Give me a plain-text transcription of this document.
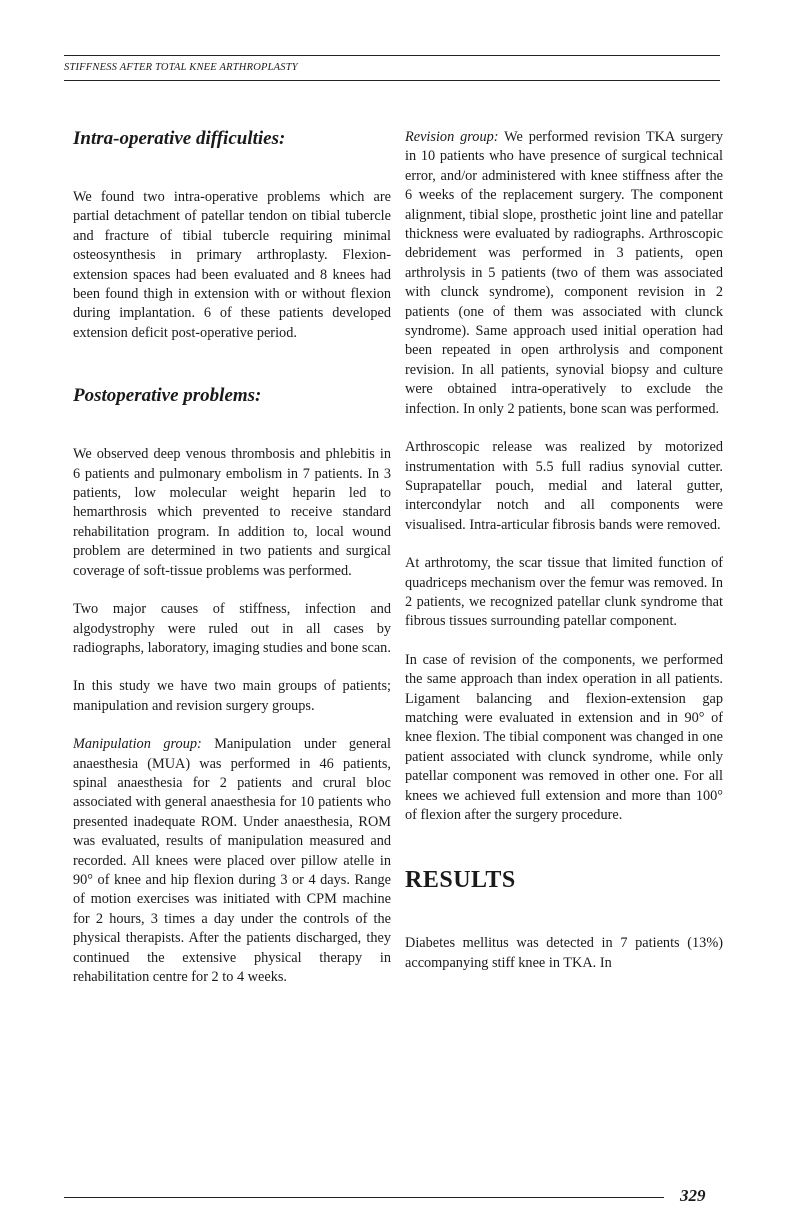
STIFFNESS AFTER TOTAL KNEE ARTHROPLASTY
Intra-operative difficulties:

We found two intra-operative problems which are partial detachment of patellar tendon on tibial tubercle and fracture of tibial tubercle requiring minimal osteosynthesis in primary arthroplasty. Flexion-extension spaces had been evaluated and 8 knees had been found thigh in extension with or without flexion during implantation. 6 of these patients developed extension deficit post-operative period.

Postoperative problems:

We observed deep venous thrombosis and phlebitis in 6 patients and pulmonary embolism in 7 patients. In 3 patients, low molecular weight heparin led to hemarthrosis which prevented to receive standard rehabilitation program. In addition to, local wound problem are determined in two patients and surgical coverage of soft-tissue problems was performed.

Two major causes of stiffness, infection and algodystrophy were ruled out in all cases by radiographs, laboratory, imaging studies and bone scan.

In this study we have two main groups of patients; manipulation and revision surgery groups.

Manipulation group: Manipulation under general anaesthesia (MUA) was performed in 46 patients, spinal anaesthesia for 2 patients and crural bloc associated with general anaesthesia for 10 patients who presented inadequate ROM. Under anaesthesia, ROM was evaluated, results of manipulation measured and recorded. All knees were placed over pillow atelle in 90° of knee and hip flexion during 3 or 4 days. Range of motion exercises was initiated with CPM machine for 2 hours, 3 times a day under the controls of the physical therapists. After the patients discharged, they continued the extensive physical therapy in rehabilitation centre for 2 to 4 weeks.

Revision group: We performed revision TKA surgery in 10 patients who have presence of surgical technical error, and/or administered with knee stiffness after the 6 weeks of the replacement surgery. The component alignment, tibial slope, prosthetic joint line and patellar thickness were evaluated by radiographs. Arthroscopic debridement was performed in 3 patients, open arthrolysis in 5 patients (two of them was associated with clunck syndrome), component revision in 2 patients (one of them was associated with clunck syndrome). Same approach used initial operation had been repeated in open arthrolysis and component revision. In all patients, synovial biopsy and culture were obtained intra-operatively to exclude the infection. In only 2 patients, bone scan was performed.

Arthroscopic release was realized by motorized instrumentation with 5.5 full radius synovial cutter. Suprapatellar pouch, medial and lateral gutter, intercondylar notch and all components were visualised. Intra-articular fibrosis bands were removed.

At arthrotomy, the scar tissue that limited function of quadriceps mechanism over the femur was removed. In 2 patients, we recognized patellar clunk syndrome that fibrous tissues surrounding patellar component.

In case of revision of the components, we performed the same approach than index operation in all patients. Ligament balancing and flexion-extension gap matching were evaluated in extension and in 90° of knee flexion. The tibial component was changed in one patient associated with clunck syndrome, while only patellar component was removed in other one. For all knees we achieved full extension and more than 100° of flexion after the surgery procedure.

RESULTS

Diabetes mellitus was detected in 7 patients (13%) accompanying stiff knee in TKA. In

329
